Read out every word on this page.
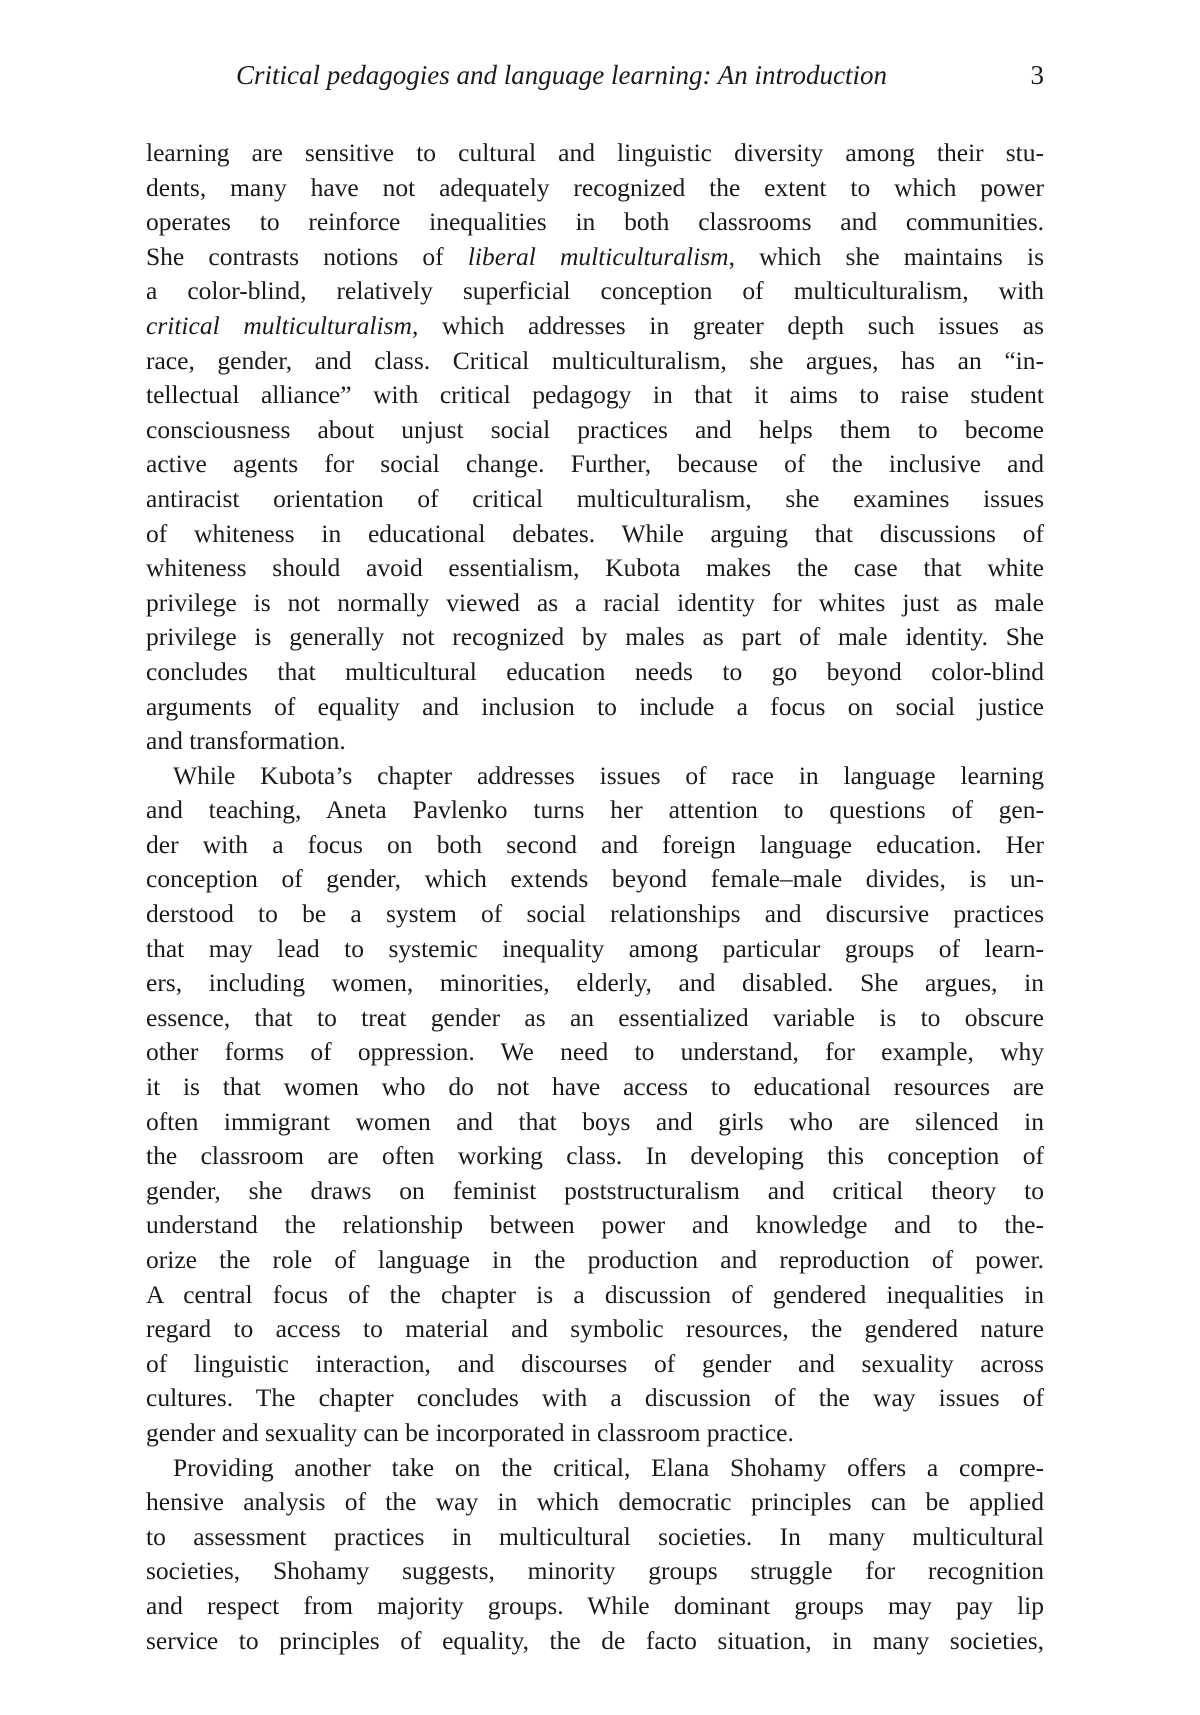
Critical pedagogies and language learning: An introduction	3
learning are sensitive to cultural and linguistic diversity among their stu-
dents, many have not adequately recognized the extent to which power
operates to reinforce inequalities in both classrooms and communities.
She contrasts notions of liberal multiculturalism, which she maintains is
a color-blind, relatively superficial conception of multiculturalism, with
critical multiculturalism, which addresses in greater depth such issues as
race, gender, and class. Critical multiculturalism, she argues, has an “in-
tellectual alliance” with critical pedagogy in that it aims to raise student
consciousness about unjust social practices and helps them to become
active agents for social change. Further, because of the inclusive and
antiracist orientation of critical multiculturalism, she examines issues
of whiteness in educational debates. While arguing that discussions of
whiteness should avoid essentialism, Kubota makes the case that white
privilege is not normally viewed as a racial identity for whites just as male
privilege is generally not recognized by males as part of male identity. She
concludes that multicultural education needs to go beyond color-blind
arguments of equality and inclusion to include a focus on social justice
and transformation.
While Kubota’s chapter addresses issues of race in language learning
and teaching, Aneta Pavlenko turns her attention to questions of gen-
der with a focus on both second and foreign language education. Her
conception of gender, which extends beyond female–male divides, is un-
derstood to be a system of social relationships and discursive practices
that may lead to systemic inequality among particular groups of learn-
ers, including women, minorities, elderly, and disabled. She argues, in
essence, that to treat gender as an essentialized variable is to obscure
other forms of oppression. We need to understand, for example, why
it is that women who do not have access to educational resources are
often immigrant women and that boys and girls who are silenced in
the classroom are often working class. In developing this conception of
gender, she draws on feminist poststructuralism and critical theory to
understand the relationship between power and knowledge and to the-
orize the role of language in the production and reproduction of power.
A central focus of the chapter is a discussion of gendered inequalities in
regard to access to material and symbolic resources, the gendered nature
of linguistic interaction, and discourses of gender and sexuality across
cultures. The chapter concludes with a discussion of the way issues of
gender and sexuality can be incorporated in classroom practice.
Providing another take on the critical, Elana Shohamy offers a compre-
hensive analysis of the way in which democratic principles can be applied
to assessment practices in multicultural societies. In many multicultural
societies, Shohamy suggests, minority groups struggle for recognition
and respect from majority groups. While dominant groups may pay lip
service to principles of equality, the de facto situation, in many societies,
